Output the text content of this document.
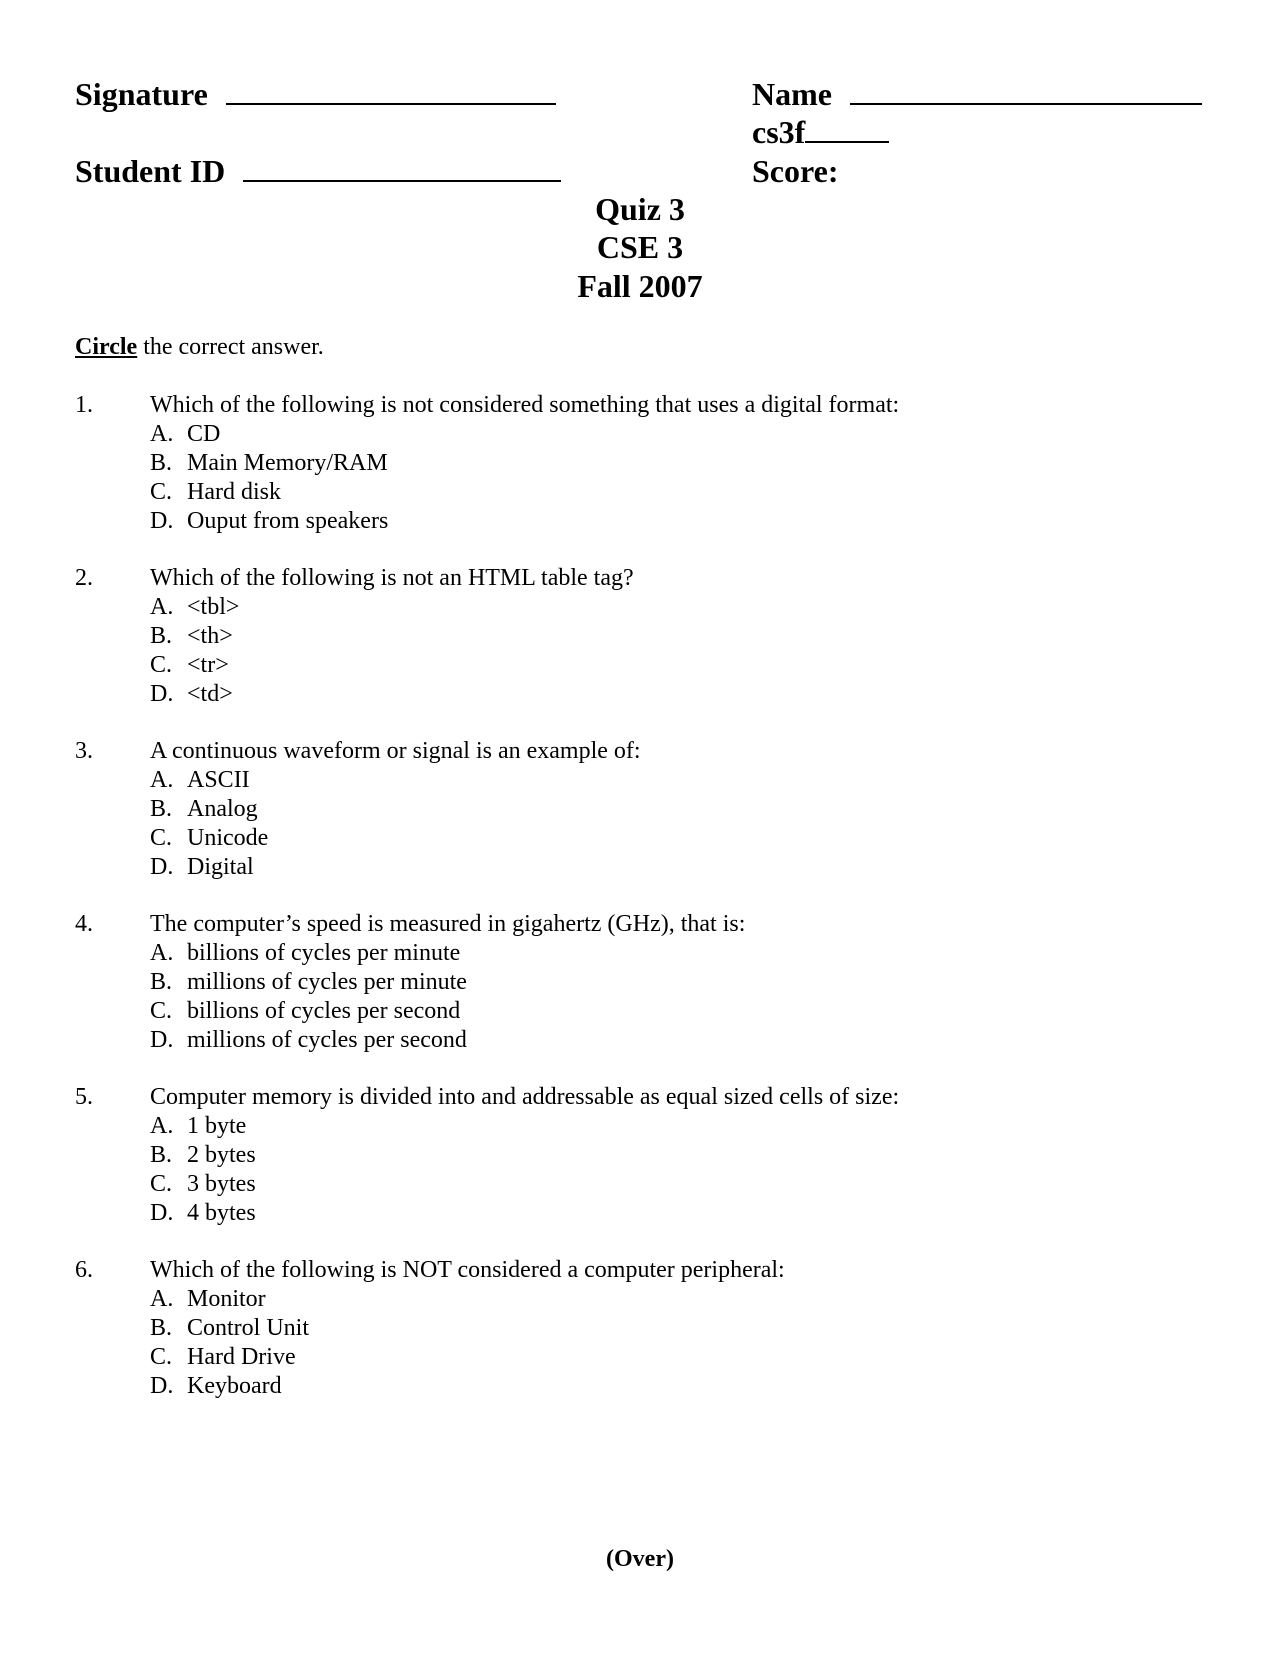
Signature
Student ID
Name
cs3f
Score:
Quiz 3
CSE 3
Fall 2007
Circle the correct answer.
1. Which of the following is not considered something that uses a digital format:
A. CD
B. Main Memory/RAM
C. Hard disk
D. Ouput from speakers
2. Which of the following is not an HTML table tag?
A. <tbl>
B. <th>
C. <tr>
D. <td>
3. A continuous waveform or signal is an example of:
A. ASCII
B. Analog
C. Unicode
D. Digital
4. The computer’s speed is measured in gigahertz (GHz), that is:
A. billions of cycles per minute
B. millions of cycles per minute
C. billions of cycles per second
D. millions of cycles per second
5. Computer memory is divided into and addressable as equal sized cells of size:
A. 1 byte
B. 2 bytes
C. 3 bytes
D. 4 bytes
6. Which of the following is NOT considered a computer peripheral:
A. Monitor
B. Control Unit
C. Hard Drive
D. Keyboard
(Over)
